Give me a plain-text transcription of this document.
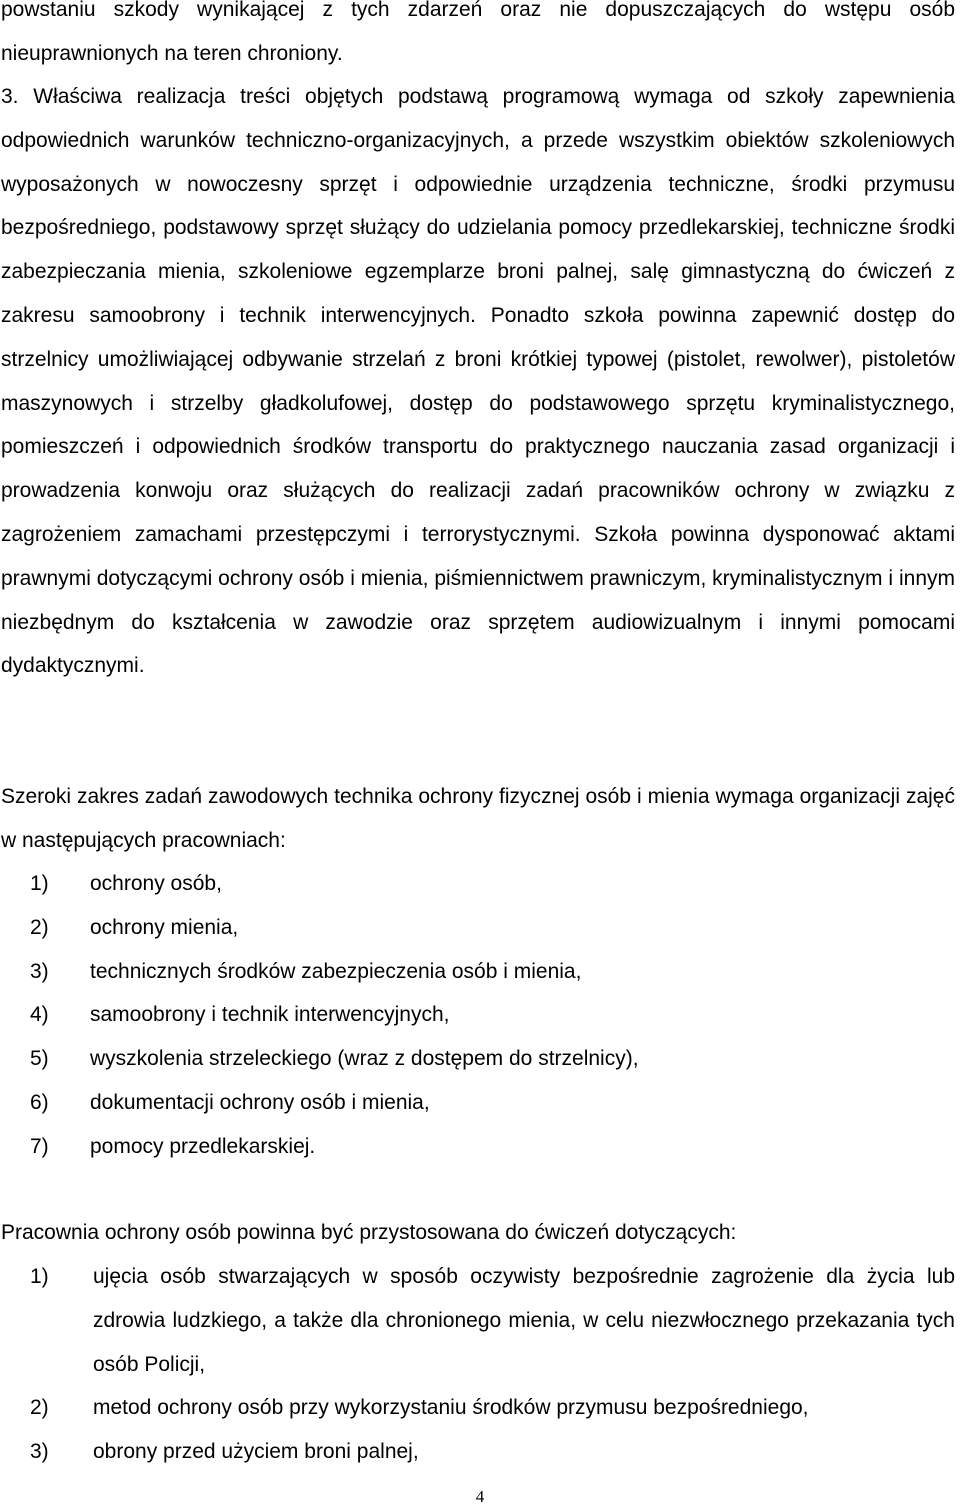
powstaniu szkody wynikającej z tych zdarzeń oraz nie dopuszczających do wstępu osób nieuprawnionych na teren chroniony.

3. Właściwa realizacja treści objętych podstawą programową wymaga od szkoły zapewnienia odpowiednich warunków techniczno-organizacyjnych, a przede wszystkim obiektów szkoleniowych wyposażonych w nowoczesny sprzęt i odpowiednie urządzenia techniczne, środki przymusu bezpośredniego, podstawowy sprzęt służący do udzielania pomocy przedlekarskiej, techniczne środki zabezpieczania mienia, szkoleniowe egzemplarze broni palnej, salę gimnastyczną do ćwiczeń z zakresu samoobrony i technik interwencyjnych. Ponadto szkoła powinna zapewnić dostęp do strzelnicy umożliwiającej odbywanie strzelań z broni krótkiej typowej (pistolet, rewolwer), pistoletów maszynowych i strzelby gładkolufowej, dostęp do podstawowego sprzętu kryminalistycznego, pomieszczeń i odpowiednich środków transportu do praktycznego nauczania zasad organizacji i prowadzenia konwoju oraz służących do realizacji zadań pracowników ochrony w związku z zagrożeniem zamachami przestępczymi i terrorystycznymi. Szkoła powinna dysponować aktami prawnymi dotyczącymi ochrony osób i mienia, piśmiennictwem prawniczym, kryminalistycznym i innym niezbędnym do kształcenia w zawodzie oraz sprzętem audiowizualnym i innymi pomocami dydaktycznymi.

Szeroki zakres zadań zawodowych technika ochrony fizycznej osób i mienia wymaga organizacji zajęć w następujących pracowniach:

1)	ochrony osób,
2)	ochrony mienia,
3)	technicznych środków zabezpieczenia osób i mienia,
4)	samoobrony i technik interwencyjnych,
5)	wyszkolenia strzeleckiego (wraz z dostępem do strzelnicy),
6)	dokumentacji ochrony osób i mienia,
7)	pomocy przedlekarskiej.

Pracownia ochrony osób powinna być przystosowana do ćwiczeń dotyczących:

1)	ujęcia osób stwarzających w sposób oczywisty bezpośrednie zagrożenie dla życia lub zdrowia ludzkiego, a także dla chronionego mienia, w celu niezwłocznego przekazania tych osób Policji,
2)	metod ochrony osób przy wykorzystaniu środków przymusu bezpośredniego,
3)	obrony przed użyciem broni palnej,
4
